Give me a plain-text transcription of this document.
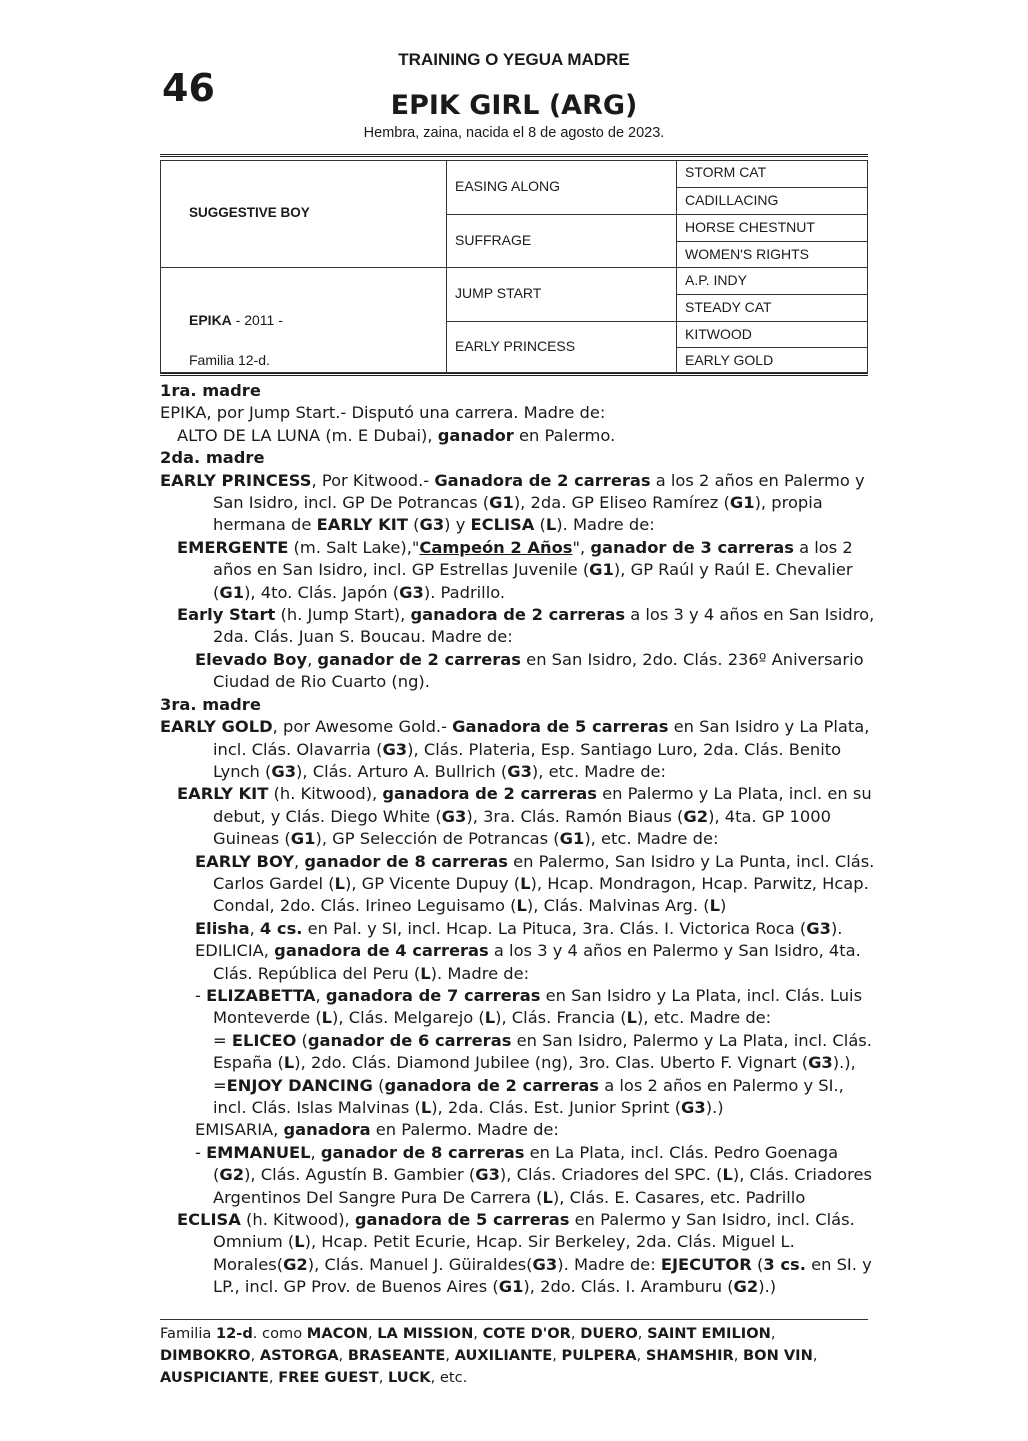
46
TRAINING O YEGUA MADRE
EPIK GIRL (ARG)
Hembra, zaina, nacida el 8 de agosto de 2023.
SUGGESTIVE BOY
EPIKA - 2011 -
Familia 12-d.
EASING ALONG
SUFFRAGE
JUMP START
EARLY PRINCESS
STORM CAT
CADILLACING
HORSE CHESTNUT
WOMEN'S RIGHTS
A.P. INDY
STEADY CAT
KITWOOD
EARLY GOLD

1ra. madre

EPIKA, por Jump Start.- Disputó una carrera. Madre de:

ALTO DE LA LUNA (m. E Dubai), ganador en Palermo.

2da. madre

EARLY PRINCESS, Por Kitwood.- Ganadora de 2 carreras a los 2 años en Palermo y San Isidro, incl. GP De Potrancas (G1), 2da. GP Eliseo Ramírez (G1), propia hermana de EARLY KIT (G3) y ECLISA (L). Madre de:

EMERGENTE (m. Salt Lake),"Campeón 2 Años", ganador de 3 carreras a los 2 años en San Isidro, incl. GP Estrellas Juvenile (G1), GP Raúl y Raúl E. Chevalier (G1), 4to. Clás. Japón (G3). Padrillo.

Early Start (h. Jump Start), ganadora de 2 carreras a los 3 y 4 años en San Isidro, 2da. Clás. Juan S. Boucau. Madre de:

Elevado Boy, ganador de 2 carreras en San Isidro, 2do. Clás. 236º Aniversario Ciudad de Rio Cuarto (ng).

3ra. madre

EARLY GOLD, por Awesome Gold.- Ganadora de 5 carreras en San Isidro y La Plata, incl. Clás. Olavarria (G3), Clás. Plateria, Esp. Santiago Luro, 2da. Clás. Benito Lynch (G3), Clás. Arturo A. Bullrich (G3), etc. Madre de:

EARLY KIT (h. Kitwood), ganadora de 2 carreras en Palermo y La Plata, incl. en su debut, y Clás. Diego White (G3), 3ra. Clás. Ramón Biaus (G2), 4ta. GP 1000 Guineas (G1), GP Selección de Potrancas (G1), etc. Madre de:

EARLY BOY, ganador de 8 carreras en Palermo, San Isidro y La Punta, incl. Clás. Carlos Gardel (L), GP Vicente Dupuy (L), Hcap. Mondragon, Hcap. Parwitz, Hcap. Condal, 2do. Clás. Irineo Leguisamo (L), Clás. Malvinas Arg. (L)

Elisha, 4 cs. en Pal. y SI, incl. Hcap. La Pituca, 3ra. Clás. I. Victorica Roca (G3).

EDILICIA, ganadora de 4 carreras a los 3 y 4 años en Palermo y San Isidro, 4ta. Clás. República del Peru (L). Madre de:

- ELIZABETTA, ganadora de 7 carreras en San Isidro y La Plata, incl. Clás. Luis Monteverde (L), Clás. Melgarejo (L), Clás. Francia (L), etc. Madre de:

= ELICEO (ganador de 6 carreras en San Isidro, Palermo y La Plata, incl. Clás. España (L), 2do. Clás. Diamond Jubilee (ng), 3ro. Clas. Uberto F. Vignart (G3).), =ENJOY DANCING (ganadora de 2 carreras a los 2 años en Palermo y SI., incl. Clás. Islas Malvinas (L), 2da. Clás. Est. Junior Sprint (G3).)

EMISARIA, ganadora en Palermo. Madre de:

- EMMANUEL, ganador de 8 carreras en La Plata, incl. Clás. Pedro Goenaga (G2), Clás. Agustín B. Gambier (G3), Clás. Criadores del SPC. (L), Clás. Criadores Argentinos Del Sangre Pura De Carrera (L), Clás. E. Casares, etc. Padrillo

ECLISA (h. Kitwood), ganadora de 5 carreras en Palermo y San Isidro, incl. Clás. Omnium (L), Hcap. Petit Ecurie, Hcap. Sir Berkeley, 2da. Clás. Miguel L. Morales(G2), Clás. Manuel J. Güiraldes(G3). Madre de: EJECUTOR (3 cs. en SI. y LP., incl. GP Prov. de Buenos Aires (G1), 2do. Clás. I. Aramburu (G2).)

Familia 12-d. como MACON, LA MISSION, COTE D'OR, DUERO, SAINT EMILION, DIMBOKRO, ASTORGA, BRASEANTE, AUXILIANTE, PULPERA, SHAMSHIR, BON VIN, AUSPICIANTE, FREE GUEST, LUCK, etc.
